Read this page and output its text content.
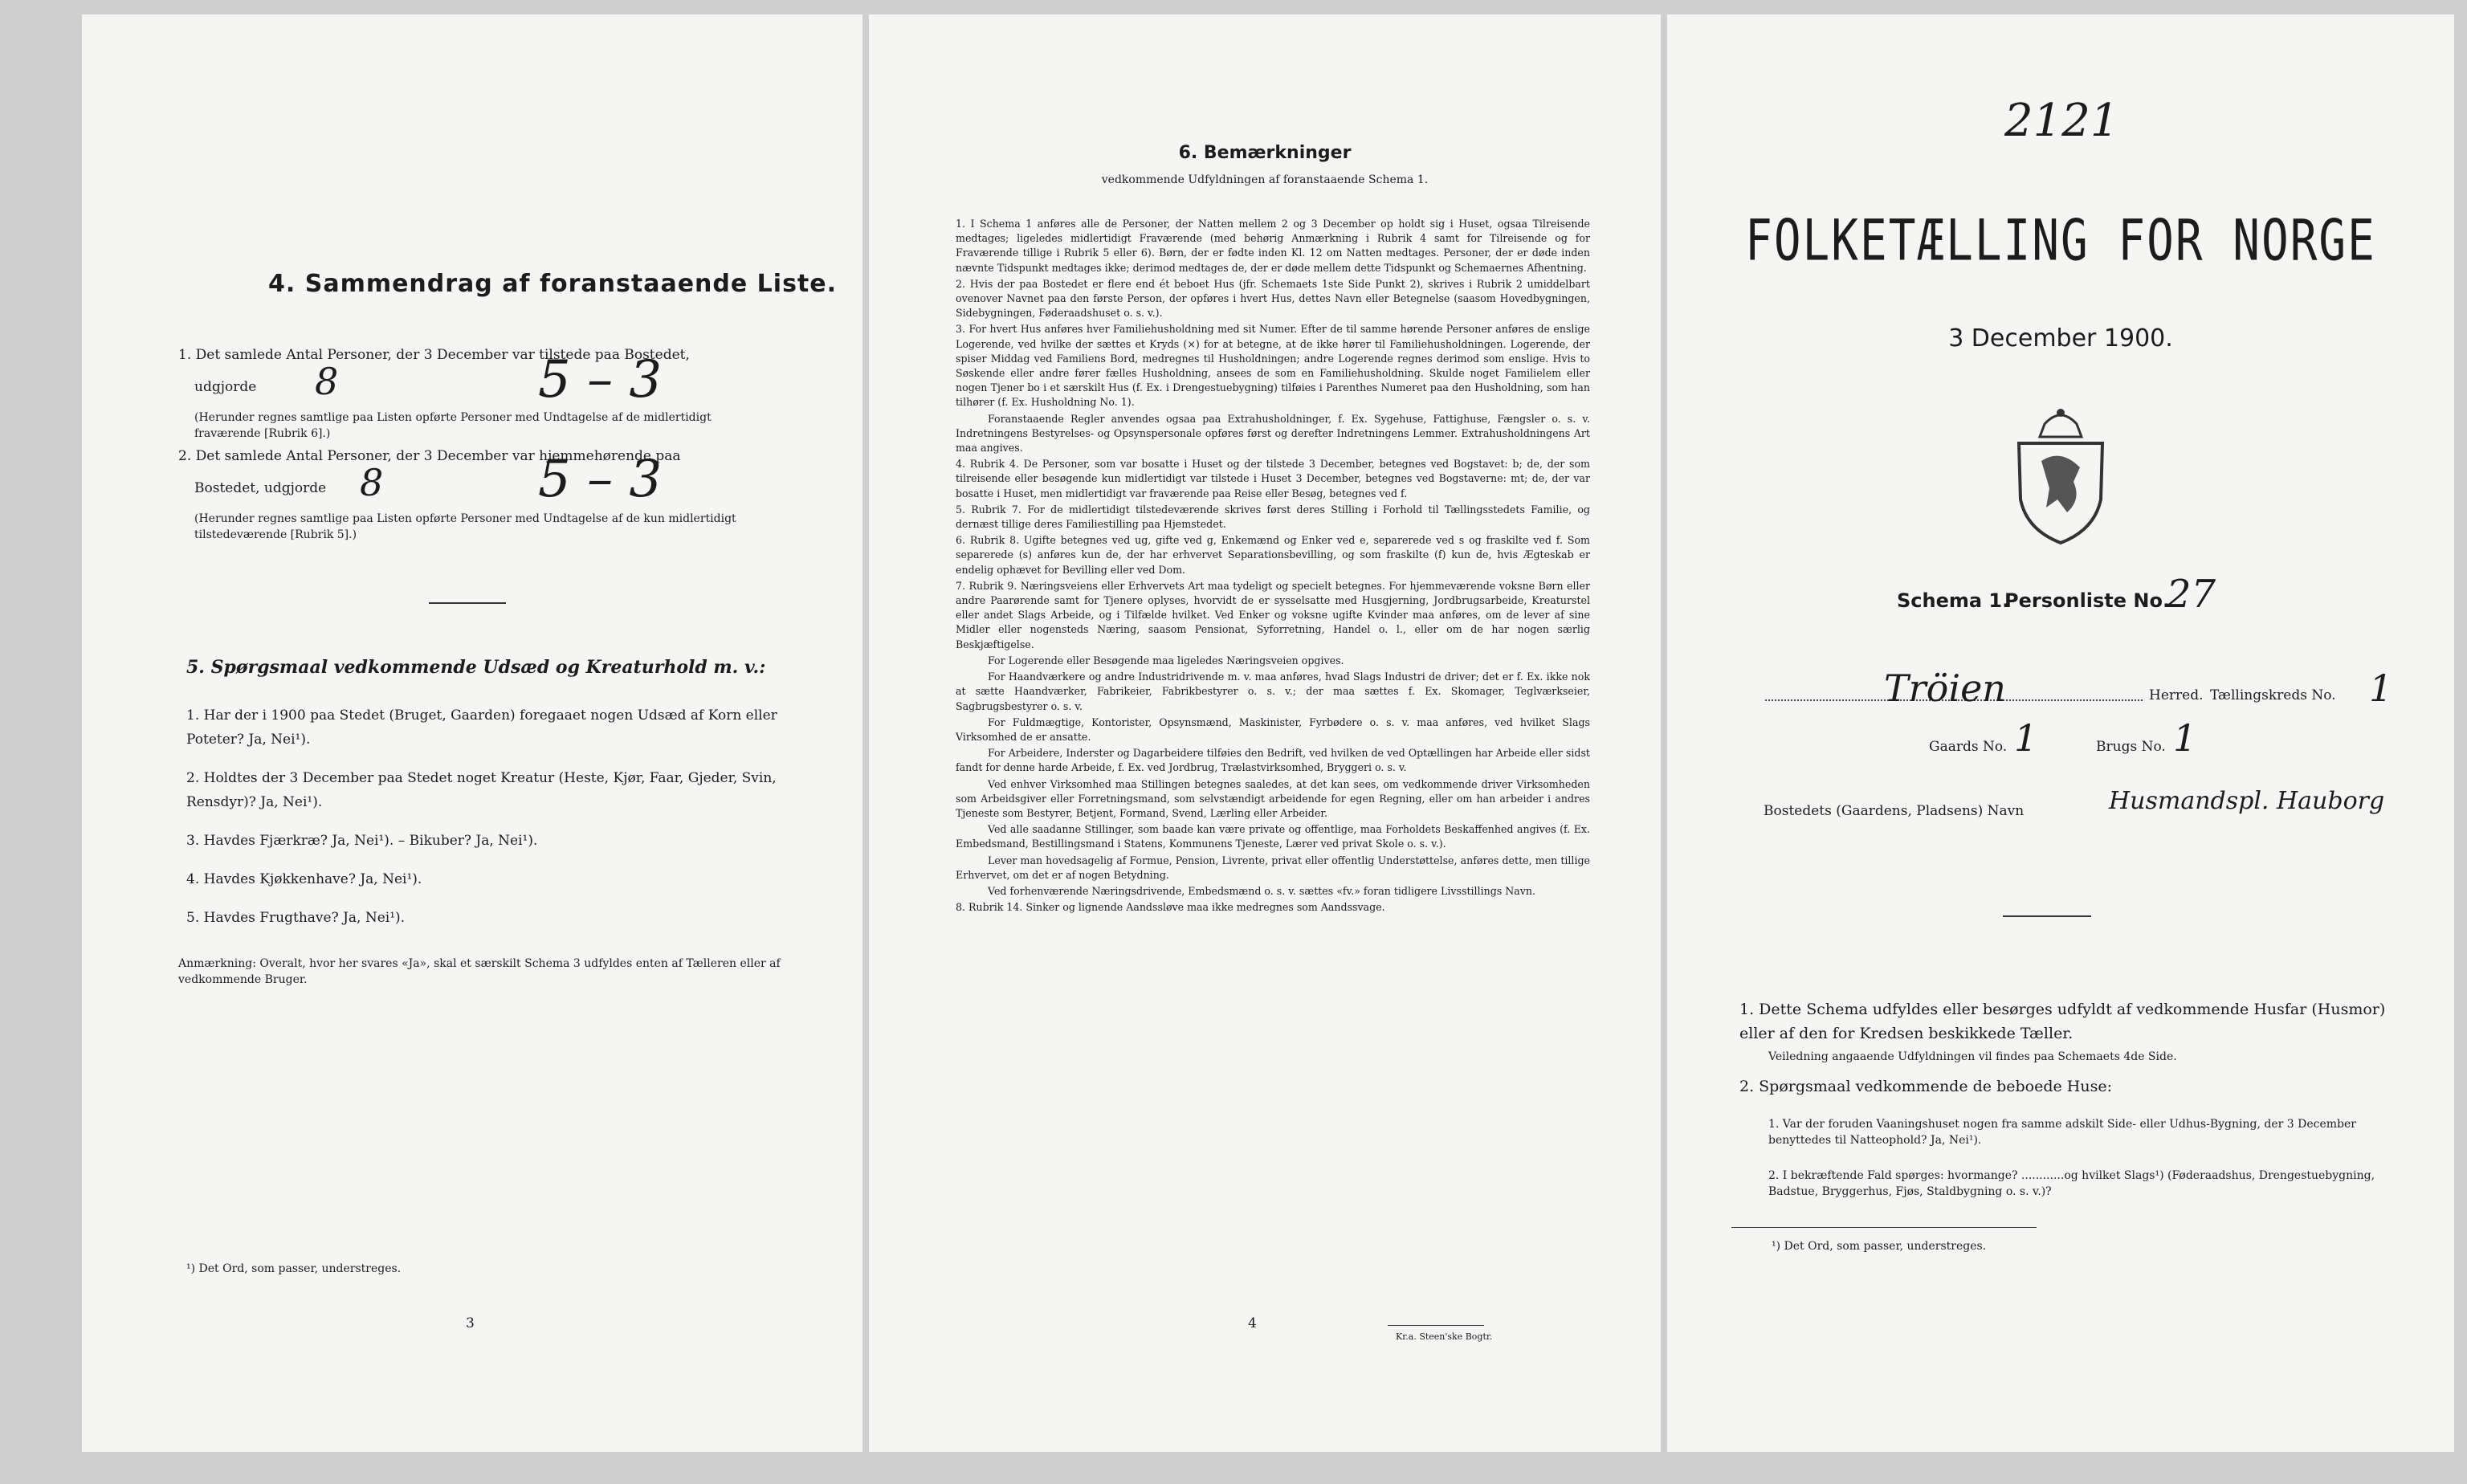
4. Sammendrag af foranstaaende Liste.
1. Det samlede Antal Personer, der 3 December var tilstede paa Bostedet,
udgjorde 8	5 – 3
(Herunder regnes samtlige paa Listen opførte Personer med Undtagelse af de midlertidigt fraværende [Rubrik 6].)
2. Det samlede Antal Personer, der 3 December var hjemmehørende paa
Bostedet, udgjorde 8	5 – 3
(Herunder regnes samtlige paa Listen opførte Personer med Undtagelse af de kun midlertidigt tilstedeværende [Rubrik 5].)
5. Spørgsmaal vedkommende Udsæd og Kreaturhold m. v.:
1. Har der i 1900 paa Stedet (Bruget, Gaarden) foregaaet nogen Udsæd af Korn eller Poteter? Ja, Nei¹).
2. Holdtes der 3 December paa Stedet noget Kreatur (Heste, Kjør, Faar, Gjeder, Svin, Rensdyr)? Ja, Nei¹).
3. Havdes Fjærkræ? Ja, Nei¹). – Bikuber? Ja, Nei¹).
4. Havdes Kjøkkenhave? Ja, Nei¹).
5. Havdes Frugthave? Ja, Nei¹).
Anmærkning: Overalt, hvor her svares «Ja», skal et særskilt Schema 3 udfyldes enten af Tælleren eller af vedkommende Bruger.
¹) Det Ord, som passer, understreges.
3
6. Bemærkninger
vedkommende Udfyldningen af foranstaaende Schema 1.

1. I Schema 1 anføres alle de Personer, der Natten mellem 2 og 3 December op holdt sig i Huset, ogsaa Tilreisende medtages; ligeledes midlertidigt Fraværende (med behørig Anmærkning i Rubrik 4 samt for Tilreisende og for Fraværende tillige i Rubrik 5 eller 6). Børn, der er fødte inden Kl. 12 om Natten medtages. Personer, der er døde inden nævnte Tidspunkt medtages ikke; derimod medtages de, der er døde mellem dette Tidspunkt og Schemaernes Afhentning.

2. Hvis der paa Bostedet er flere end ét beboet Hus (jfr. Schemaets 1ste Side Punkt 2), skrives i Rubrik 2 umiddelbart ovenover Navnet paa den første Person, der opføres i hvert Hus, dettes Navn eller Betegnelse (saasom Hovedbygningen, Sidebygningen, Føderaadshuset o. s. v.).

3. For hvert Hus anføres hver Familiehusholdning med sit Numer. Efter de til samme hørende Personer anføres de enslige Logerende, ved hvilke der sættes et Kryds (×) for at betegne, at de ikke hører til Familiehusholdningen. Logerende, der spiser Middag ved Familiens Bord, medregnes til Husholdningen; andre Logerende regnes derimod som enslige. Hvis to Søskende eller andre fører fælles Husholdning, ansees de som en Familiehusholdning. Skulde noget Familielem eller nogen Tjener bo i et særskilt Hus (f. Ex. i Drengestuebygning) tilføies i Parenthes Numeret paa den Husholdning, som han tilhører (f. Ex. Husholdning No. 1).

Foranstaaende Regler anvendes ogsaa paa Extrahusholdninger, f. Ex. Sygehuse, Fattighuse, Fængsler o. s. v. Indretningens Bestyrelses- og Opsynspersonale opføres først og derefter Indretningens Lemmer. Extrahusholdningens Art maa angives.

4. Rubrik 4. De Personer, som var bosatte i Huset og der tilstede 3 December, betegnes ved Bogstavet: b; de, der som tilreisende eller besøgende kun midlertidigt var tilstede i Huset 3 December, betegnes ved Bogstaverne: mt; de, der var bosatte i Huset, men midlertidigt var fraværende paa Reise eller Besøg, betegnes ved f.

5. Rubrik 7. For de midlertidigt tilstedeværende skrives først deres Stilling i Forhold til Tællingsstedets Familie, og dernæst tillige deres Familiestilling paa Hjemstedet.

6. Rubrik 8. Ugifte betegnes ved ug, gifte ved g, Enkemænd og Enker ved e, separerede ved s og fraskilte ved f. Som separerede (s) anføres kun de, der har erhvervet Separationsbevilling, og som fraskilte (f) kun de, hvis Ægteskab er endelig ophævet for Bevilling eller ved Dom.

7. Rubrik 9. Næringsveiens eller Erhvervets Art maa tydeligt og specielt betegnes. For hjemmeværende voksne Børn eller andre Paarørende samt for Tjenere oplyses, hvorvidt de er sysselsatte med Husgjerning, Jordbrugsarbeide, Kreaturstel eller andet Slags Arbeide, og i Tilfælde hvilket. Ved Enker og voksne ugifte Kvinder maa anføres, om de lever af sine Midler eller nogensteds Næring, saasom Pensionat, Syforretning, Handel o. l., eller om de har nogen særlig Beskjæftigelse.

For Logerende eller Besøgende maa ligeledes Næringsveien opgives.

For Haandværkere og andre Industridrivende m. v. maa anføres, hvad Slags Industri de driver; det er f. Ex. ikke nok at sætte Haandværker, Fabrikeier, Fabrikbestyrer o. s. v.; der maa sættes f. Ex. Skomager, Teglværkseier, Sagbrugsbestyrer o. s. v.

For Fuldmægtige, Kontorister, Opsynsmænd, Maskinister, Fyrbødere o. s. v. maa anføres, ved hvilket Slags Virksomhed de er ansatte.

For Arbeidere, Inderster og Dagarbeidere tilføies den Bedrift, ved hvilken de ved Optællingen har Arbeide eller sidst fandt for denne harde Arbeide, f. Ex. ved Jordbrug, Trælastvirksomhed, Bryggeri o. s. v.

Ved enhver Virksomhed maa Stillingen betegnes saaledes, at det kan sees, om vedkommende driver Virksomheden som Arbeidsgiver eller Forretningsmand, som selvstændigt arbeidende for egen Regning, eller om han arbeider i andres Tjeneste som Bestyrer, Betjent, Formand, Svend, Lærling eller Arbeider.

Ved alle saadanne Stillinger, som baade kan være private og offentlige, maa Forholdets Beskaffenhed angives (f. Ex. Embedsmand, Bestillingsmand i Statens, Kommunens Tjeneste, Lærer ved privat Skole o. s. v.).

Lever man hovedsagelig af Formue, Pension, Livrente, privat eller offentlig Understøttelse, anføres dette, men tillige Erhvervet, om det er af nogen Betydning.

Ved forhenværende Næringsdrivende, Embedsmænd o. s. v. sættes «fv.» foran tidligere Livsstillings Navn.

8. Rubrik 14. Sinker og lignende Aandssløve maa ikke medregnes som Aandssvage.

4
Kr.a. Steen'ske Bogtr.
2121
FOLKETÆLLING FOR NORGE
3 December 1900.
Schema 1.
Personliste No.
27
Tröien	Herred. Tællingskreds No. 1
Gaards No. 1	Brugs No. 1
Bostedets (Gaardens, Pladsens) Navn	Husmandspl. Hauborg
1. Dette Schema udfyldes eller besørges udfyldt af vedkommende Husfar (Husmor) eller af den for Kredsen beskikkede Tæller.
Veiledning angaaende Udfyldningen vil findes paa Schemaets 4de Side.
2. Spørgsmaal vedkommende de beboede Huse:
1. Var der foruden Vaaningshuset nogen fra samme adskilt Side- eller Udhus-Bygning, der 3 December benyttedes til Natteophold? Ja, Nei¹).
2. I bekræftende Fald spørges: hvormange? ............og hvilket Slags¹) (Føderaadshus, Drengestuebygning, Badstue, Bryggerhus, Fjøs, Staldbygning o. s. v.)?
¹) Det Ord, som passer, understreges.
